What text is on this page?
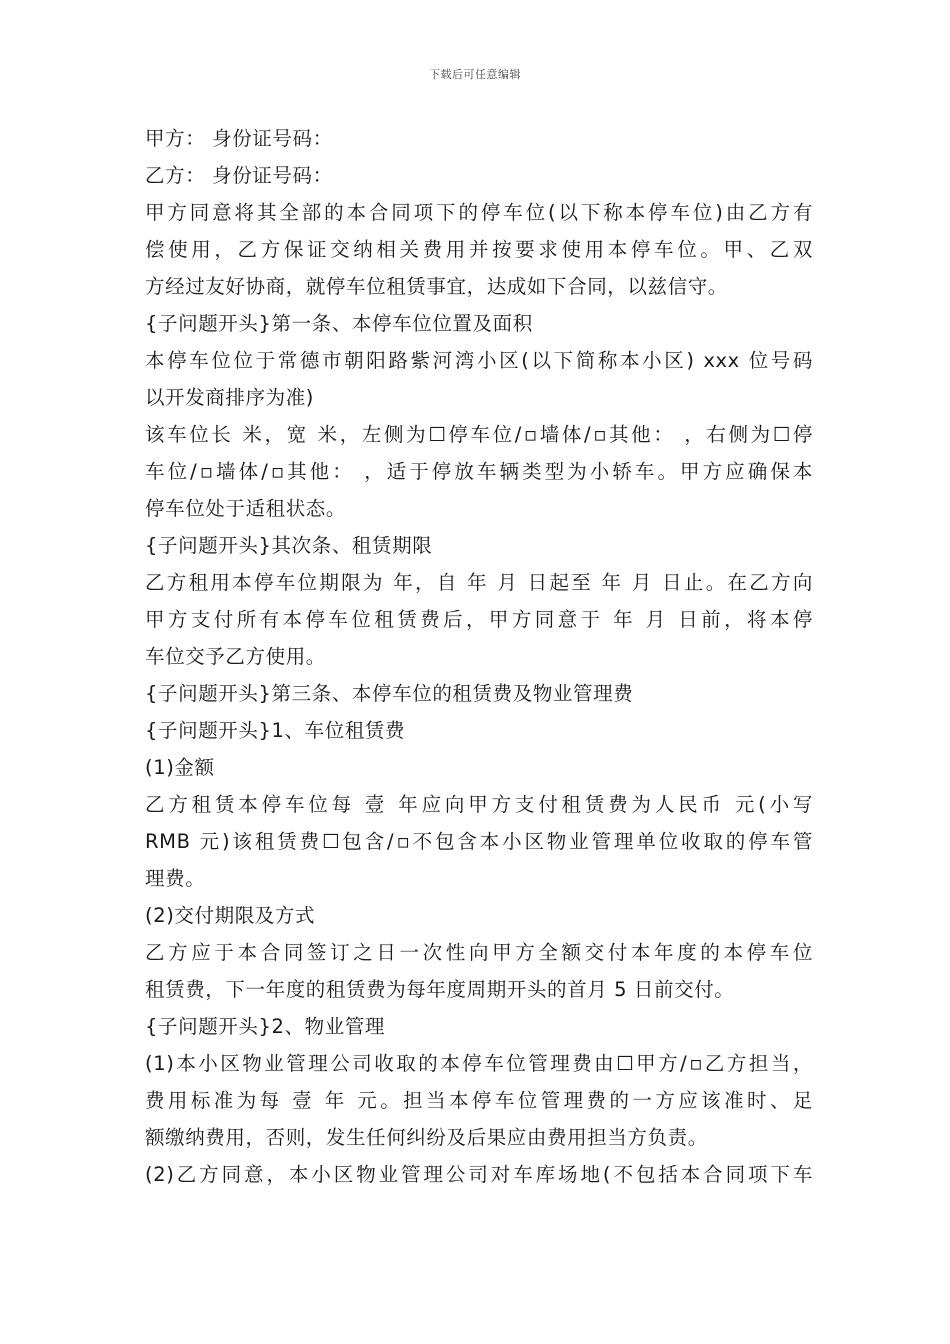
下载后可任意编辑
甲方： 身份证号码：
乙方： 身份证号码：
甲方同意将其全部的本合同项下的停车位(以下称本停车位)由乙方有
偿使用，乙方保证交纳相关费用并按要求使用本停车位。甲、乙双
方经过友好协商，就停车位租赁事宜，达成如下合同，以兹信守。
{子问题开头}第一条、本停车位位置及面积
本停车位位于常德市朝阳路紫河湾小区(以下简称本小区) xxx 位号码
以开发商排序为准)
该车位长 米，宽 米，左侧为☐停车位/▫墙体/▫其他： ，右侧为☐停
车位/▫墙体/▫其他： ，适于停放车辆类型为小轿车。甲方应确保本
停车位处于适租状态。
{子问题开头}其次条、租赁期限
乙方租用本停车位期限为 年，自 年 月 日起至 年 月 日止。在乙方向
甲方支付所有本停车位租赁费后，甲方同意于 年 月 日前，将本停
车位交予乙方使用。
{子问题开头}第三条、本停车位的租赁费及物业管理费
{子问题开头}1、车位租赁费
(1)金额
乙方租赁本停车位每 壹 年应向甲方支付租赁费为人民币 元(小写
RMB 元)该租赁费☐包含/▫不包含本小区物业管理单位收取的停车管
理费。
(2)交付期限及方式
乙方应于本合同签订之日一次性向甲方全额交付本年度的本停车位
租赁费，下一年度的租赁费为每年度周期开头的首月 5 日前交付。
{子问题开头}2、物业管理
(1)本小区物业管理公司收取的本停车位管理费由☐甲方/▫乙方担当，
费用标准为每 壹 年 元。担当本停车位管理费的一方应该准时、足
额缴纳费用，否则，发生任何纠纷及后果应由费用担当方负责。
(2)乙方同意，本小区物业管理公司对车库场地(不包括本合同项下车
